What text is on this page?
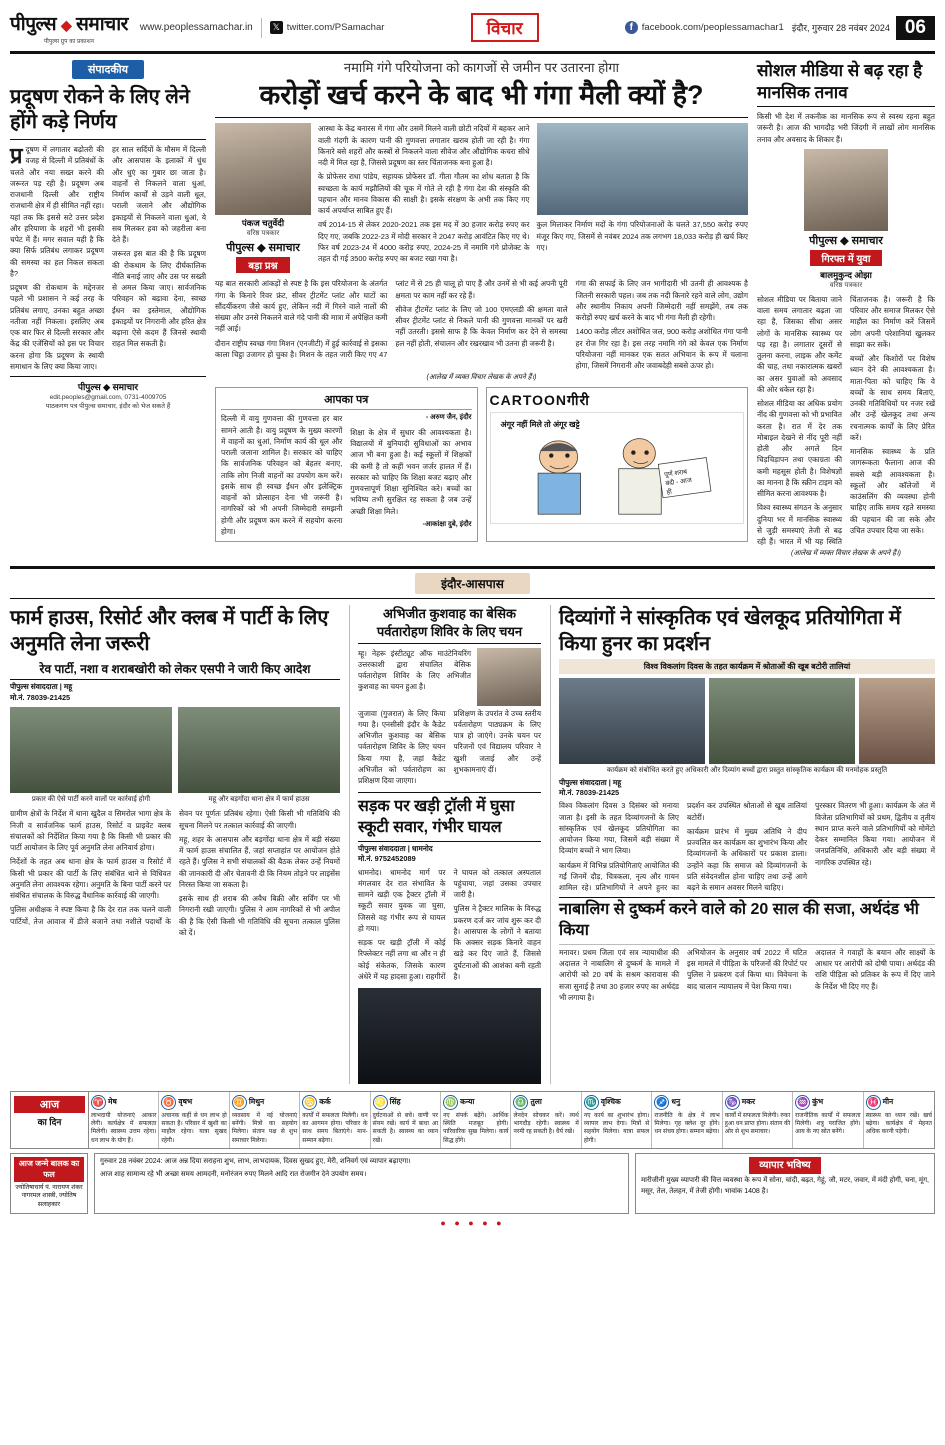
पीपुल्स ◆ समाचार
पीपुल्स ग्रुप का प्रकाशन
www.peoplessamachar.in	𝕏 twitter.com/PSamachar	विचार	f facebook.com/peoplessamachar1 इंदौर, गुरुवार 28 नवंबर 2024 06
संपादकीय
प्रदूषण रोकने के लिए लेने होंगे कड़े निर्णय

प्रदूषण में लगातार बढ़ोतरी की वजह से दिल्ली में प्रतिबंधों के चलते और नया सख्त करने की जरूरत पड़ रही है। प्रदूषण अब राजधानी दिल्ली और राष्ट्रीय राजधानी क्षेत्र में ही सीमित नहीं रहा। यहां तक कि इससे सटे उत्तर प्रदेश और हरियाणा के शहरों भी इसकी चपेट में हैं। मगर सवाल यही है कि क्या सिर्फ प्रतिबंध लगाकर प्रदूषण की समस्या का हल निकल सकता है?

प्रदूषण की रोकथाम के मद्देनजर पहले भी प्रशासन ने कई तरह के प्रतिबंध लगाए, उनका बहुत अच्छा नतीजा नहीं निकला। इसलिए अब एक बार फिर से दिल्ली सरकार और केंद्र की एजेंसियों को इस पर विचार करना होगा कि प्रदूषण के स्थायी समाधान के लिए क्या किया जाए।

हर साल सर्दियों के मौसम में दिल्ली और आसपास के इलाकों में धुंध और धुएं का गुबार छा जाता है। वाहनों से निकलने वाला धुआं, निर्माण कार्यों से उड़ने वाली धूल, पराली जलाने और औद्योगिक इकाइयों से निकलने वाला धुआं, ये सब मिलकर हवा को जहरीला बना देते हैं।

जरूरत इस बात की है कि प्रदूषण की रोकथाम के लिए दीर्घकालिक नीति बनाई जाए और उस पर सख्ती से अमल किया जाए। सार्वजनिक परिवहन को बढ़ावा देना, स्वच्छ ईंधन का इस्तेमाल, औद्योगिक इकाइयों पर निगरानी और हरित क्षेत्र बढ़ाना ऐसे कदम हैं जिनसे स्थायी राहत मिल सकती है।

पीपुल्स ◆ समाचार
edit.peoples@gmail.com, 0731-4009705
पाठकगण पत्र पीपुल्स समाचार, इंदौर को भेज सकते हैं
नमामि गंगे परियोजना को कागजों से जमीन पर उतारना होगा
करोड़ों खर्च करने के बाद भी गंगा मैली क्यों है?
पंकज चतुर्वेदी
वरिष्ठ पत्रकार
पीपुल्स ◆ समाचार
बड़ा प्रश्न

आस्था के केंद्र बनारस में गंगा और उसमें मिलने वाली छोटी नदियों में बहकर आने वाली गंदगी के कारण पानी की गुणवत्ता लगातार खराब होती जा रही है। गंगा किनारे बसे शहरों और कस्बों से निकलने वाला सीवेज और औद्योगिक कचरा सीधे नदी में मिल रहा है, जिससे प्रदूषण का स्तर चिंताजनक बना हुआ है।

के प्रोफेसर राधा पांडेय, सहायक प्रोफेसर डॉ. गीता गौतम का शोध बताता है कि स्वच्छता के कार्य मझौलियों की चूक में गोते ले रही है गंगा देश की संस्कृति की पहचान और मानव विकास की साक्षी है। इसके संरक्षण के अभी तक किए गए कार्य अपर्याप्त साबित हुए हैं।

वर्ष 2014-15 से लेकर 2020-2021 तक इस मद में 30 हजार करोड़ रुपए कर दिए गए, जबकि 2022-23 में मोदी सरकार ने 2047 करोड़ आवंटित किए गए थे। फिर वर्ष 2023-24 में 4000 करोड़ रुपए, 2024-25 में नमामि गंगे प्रोजेक्ट के तहत दी गई 3500 करोड़ रुपए का बजट रखा गया है।

कुल मिलाकर निर्माण मदों के गंगा परियोजनाओं के चलते 37,550 करोड़ रुपए मंजूर किए गए, जिसमें से नवंबर 2024 तक लगभग 18,033 करोड़ ही खर्च किए गए।

यह बात सरकारी आंकड़ों से स्पष्ट है कि इस परियोजना के अंतर्गत गंगा के किनारे रिवर फ्रंट, सीवर ट्रीटमेंट प्लांट और घाटों का सौंदर्यीकरण जैसे कार्य हुए, लेकिन नदी में गिरने वाले नालों की संख्या और उनसे निकलने वाले गंदे पानी की मात्रा में अपेक्षित कमी नहीं आई।

दौरान राष्ट्रीय स्वच्छ गंगा मिशन (एनजीटी) में हुई कार्रवाई से इसका काला चिट्ठा उजागर हो चुका है। मिशन के तहत जारी किए गए 47 प्लांट में से 25 ही चालू हो पाए हैं और उनमें से भी कई अपनी पूरी क्षमता पर काम नहीं कर रहे हैं।

सीवेज ट्रीटमेंट प्लांट के लिए जो 100 एमएलडी की क्षमता वाले सीवर ट्रीटमेंट प्लांट से निकले पानी की गुणवत्ता मानकों पर खरी नहीं उतरती। इससे साफ है कि केवल निर्माण कर देने से समस्या हल नहीं होती, संचालन और रखरखाव भी उतना ही जरूरी है।

गंगा की सफाई के लिए जन भागीदारी भी उतनी ही आवश्यक है जितनी सरकारी पहल। जब तक नदी किनारे रहने वाले लोग, उद्योग और स्थानीय निकाय अपनी जिम्मेदारी नहीं समझेंगे, तब तक करोड़ों रुपए खर्च करने के बाद भी गंगा मैली ही रहेगी।

1400 करोड़ लीटर अशोधित जल, 900 करोड़ अशोधित गंगा पानी हर रोज गिर रहा है। इस तरह नमामि गंगे को केवल एक निर्माण परियोजना नहीं मानकर एक सतत अभियान के रूप में चलाना होगा, जिसमें निगरानी और जवाबदेही सबसे ऊपर हो।

(आलेख में व्यक्त विचार लेखक के अपने हैं।)
आपका पत्र

दिल्ली में वायु गुणवत्ता की गुणवत्ता हर बार सामने आती है। वायु प्रदूषण के मुख्य कारणों में वाहनों का धुआं, निर्माण कार्य की धूल और पराली जलाना शामिल है। सरकार को चाहिए कि सार्वजनिक परिवहन को बेहतर बनाए, ताकि लोग निजी वाहनों का उपयोग कम करें। इसके साथ ही स्वच्छ ईंधन और इलेक्ट्रिक वाहनों को प्रोत्साहन देना भी जरूरी है। नागरिकों को भी अपनी जिम्मेदारी समझनी होगी और प्रदूषण कम करने में सहयोग करना होगा।

- अरुण जैन, इंदौर

शिक्षा के क्षेत्र में सुधार की आवश्यकता है। विद्यालयों में बुनियादी सुविधाओं का अभाव आज भी बना हुआ है। कई स्कूलों में शिक्षकों की कमी है तो कहीं भवन जर्जर हालत में हैं। सरकार को चाहिए कि शिक्षा बजट बढ़ाए और गुणवत्तापूर्ण शिक्षा सुनिश्चित करे। बच्चों का भविष्य तभी सुरक्षित रह सकता है जब उन्हें अच्छी शिक्षा मिले।

-आकांक्षा दुबे, इंदौर

CARTOONगीरी
अंगूर नहीं मिले तो अंगूर खट्टे
पूर्ण शराब
बंदी - आज
ही
सोशल मीडिया से बढ़ रहा है मानसिक तनाव

किसी भी देश में तकनीक का मानसिक रूप से स्वस्थ रहना बहुत जरूरी है। आज की भागदौड़ भरी जिंदगी में लाखों लोग मानसिक तनाव और अवसाद के शिकार हैं।

पीपुल्स ◆ समाचार
गिरफ्त में युवा
बालमुकुन्द ओझा
वरिष्ठ पत्रकार

सोशल मीडिया पर बिताया जाने वाला समय लगातार बढ़ता जा रहा है, जिसका सीधा असर लोगों के मानसिक स्वास्थ्य पर पड़ रहा है। लगातार दूसरों से तुलना करना, लाइक और कमेंट की चाह, तथा नकारात्मक खबरों का असर युवाओं को अवसाद की ओर धकेल रहा है।

सोशल मीडिया का अधिक प्रयोग नींद की गुणवत्ता को भी प्रभावित करता है। रात में देर तक मोबाइल देखने से नींद पूरी नहीं होती और अगले दिन चिड़चिड़ापन तथा एकाग्रता की कमी महसूस होती है। विशेषज्ञों का मानना है कि स्क्रीन टाइम को सीमित करना आवश्यक है।

विश्व स्वास्थ्य संगठन के अनुसार दुनिया भर में मानसिक स्वास्थ्य से जुड़ी समस्याएं तेजी से बढ़ रही हैं। भारत में भी यह स्थिति चिंताजनक है। जरूरी है कि परिवार और समाज मिलकर ऐसे माहौल का निर्माण करें जिसमें लोग अपनी परेशानियां खुलकर साझा कर सकें।

बच्चों और किशोरों पर विशेष ध्यान देने की आवश्यकता है। माता-पिता को चाहिए कि वे बच्चों के साथ समय बिताएं, उनकी गतिविधियों पर नजर रखें और उन्हें खेलकूद तथा अन्य रचनात्मक कार्यों के लिए प्रेरित करें।

मानसिक स्वास्थ्य के प्रति जागरूकता फैलाना आज की सबसे बड़ी आवश्यकता है। स्कूलों और कॉलेजों में काउंसलिंग की व्यवस्था होनी चाहिए ताकि समय रहते समस्या की पहचान की जा सके और उचित उपचार दिया जा सके।

(आलेख में व्यक्त विचार लेखक के अपने हैं।)
इंदौर-आसपास
फार्म हाउस, रिसोर्ट और क्लब में पार्टी के लिए अनुमति लेना जरूरी
रेव पार्टी, नशा व शराबखोरी को लेकर एसपी ने जारी किए आदेश
पीपुल्स संवाददाता | महू
मो.नं. 78039-21425
प्रकार की ऐसे पार्टी करने वालों पर कार्रवाई होगी	महू और बड़गोंदा थाना क्षेत्र में फार्म हाउस

ग्रामीण क्षेत्रों के निर्देश में थाना खुदैल व सिमरोल भागा क्षेत्र के निजी व सार्वजनिक फार्म हाउस, रिसोर्ट व प्राइवेट क्लब संचालकों को निर्देशित किया गया है कि किसी भी प्रकार की पार्टी आयोजन के लिए पूर्व अनुमति लेना अनिवार्य होगा।

निर्देशों के तहत अब थाना क्षेत्र के फार्म हाउस व रिसोर्ट में किसी भी प्रकार की पार्टी के लिए संबंधित थाने से विधिवत अनुमति लेना आवश्यक रहेगा। अनुमति के बिना पार्टी करने पर संबंधित संचालक के विरुद्ध वैधानिक कार्रवाई की जाएगी।

पुलिस अधीक्षक ने स्पष्ट किया है कि देर रात तक चलने वाली पार्टियों, तेज आवाज में डीजे बजाने तथा नशीले पदार्थों के सेवन पर पूर्णतः प्रतिबंध रहेगा। ऐसी किसी भी गतिविधि की सूचना मिलने पर तत्काल कार्रवाई की जाएगी।

महू, शहर के आसपास और बड़गोंदा थाना क्षेत्र में बड़ी संख्या में फार्म हाउस संचालित हैं, जहां सप्ताहांत पर आयोजन होते रहते हैं। पुलिस ने सभी संचालकों की बैठक लेकर उन्हें नियमों की जानकारी दी और चेतावनी दी कि नियम तोड़ने पर लाइसेंस निरस्त किया जा सकता है।

इसके साथ ही शराब की अवैध बिक्री और सर्विंग पर भी निगरानी रखी जाएगी। पुलिस ने आम नागरिकों से भी अपील की है कि ऐसी किसी भी गतिविधि की सूचना तत्काल पुलिस को दें।

अभिजीत कुशवाह का बेसिक पर्वतारोहण शिविर के लिए चयन

म्हू। नेहरू इंस्टीट्यूट ऑफ माउंटेनियरिंग उत्तरकाशी द्वारा संचालित बेसिक पर्वतारोहण शिविर के लिए अभिजीत कुशवाह का चयन हुआ है।

जुजावा (गुजरात) के लिए किया गया है। एनसीसी इंदौर के कैडेट अभिजीत कुशवाह का बेसिक पर्वतारोहण शिविर के लिए चयन किया गया है, जहां कैडेट अभिजीत को पर्वतारोहण का प्रशिक्षण दिया जाएगा।

प्रशिक्षण के उपरांत वे उच्च स्तरीय पर्वतारोहण पाठ्यक्रम के लिए पात्र हो जाएंगे। उनके चयन पर परिजनों एवं विद्यालय परिवार ने खुशी जताई और उन्हें शुभकामनाएं दीं।

सड़क पर खड़ी ट्रॉली में घुसा स्कूटी सवार, गंभीर घायल
पीपुल्स संवाददाता | धामनोद
मो.नं. 9752452089

धामनोद। धामनोद मार्ग पर मंगलवार देर रात संभावित के सामने खड़ी एक ट्रैक्टर ट्रॉली में स्कूटी सवार युवक जा घुसा, जिससे वह गंभीर रूप से घायल हो गया।

सड़क पर खड़ी ट्रॉली में कोई रिफ्लेक्टर नहीं लगा था और न ही कोई संकेतक, जिसके कारण अंधेरे में यह हादसा हुआ। राहगीरों ने घायल को तत्काल अस्पताल पहुंचाया, जहां उसका उपचार जारी है।

पुलिस ने ट्रैक्टर मालिक के विरुद्ध प्रकरण दर्ज कर जांच शुरू कर दी है। आसपास के लोगों ने बताया कि अक्सर सड़क किनारे वाहन खड़े कर दिए जाते हैं, जिससे दुर्घटनाओं की आशंका बनी रहती है।

दिव्यांगों ने सांस्कृतिक एवं खेलकूद प्रतियोगिता में किया हुनर का प्रदर्शन
विश्व विकलांग दिवस के तहत कार्यक्रम में श्रोताओं की खूब बटोरी तालियां
कार्यक्रम को संबोधित करते हुए अधिकारी और दिव्यांग बच्चों द्वारा प्रस्तुत सांस्कृतिक कार्यक्रम की मनमोहक प्रस्तुति
पीपुल्स संवाददाता | महू
मो.नं. 78039-21425

विश्व विकलांग दिवस 3 दिसंबर को मनाया जाता है। इसी के तहत दिव्यांगजनों के लिए सांस्कृतिक एवं खेलकूद प्रतियोगिता का आयोजन किया गया, जिसमें बड़ी संख्या में दिव्यांग बच्चों ने भाग लिया।

कार्यक्रम में विभिन्न प्रतियोगिताएं आयोजित की गईं जिनमें दौड़, चित्रकला, नृत्य और गायन शामिल रहे। प्रतिभागियों ने अपने हुनर का प्रदर्शन कर उपस्थित श्रोताओं से खूब तालियां बटोरीं।

कार्यक्रम प्रारंभ में मुख्य अतिथि ने दीप प्रज्वलित कर कार्यक्रम का शुभारंभ किया और दिव्यांगजनों के अधिकारों पर प्रकाश डाला। उन्होंने कहा कि समाज को दिव्यांगजनों के प्रति संवेदनशील होना चाहिए तथा उन्हें आगे बढ़ने के समान अवसर मिलने चाहिए।

पुरस्कार वितरण भी हुआ। कार्यक्रम के अंत में विजेता प्रतिभागियों को प्रथम, द्वितीय व तृतीय स्थान प्राप्त करने वाले प्रतिभागियों को मोमेंटो देकर सम्मानित किया गया। आयोजन में जनप्रतिनिधि, अधिकारी और बड़ी संख्या में नागरिक उपस्थित रहे।

नाबालिग से दुष्कर्म करने वाले को 20 साल की सजा, अर्थदंड भी किया

मनावर। प्रथम जिला एवं सत्र न्यायाधीश की अदालत ने नाबालिग से दुष्कर्म के मामले में आरोपी को 20 वर्ष के सश्रम कारावास की सजा सुनाई है तथा 30 हजार रुपए का अर्थदंड भी लगाया है।

अभियोजन के अनुसार वर्ष 2022 में घटित इस मामले में पीड़िता के परिजनों की रिपोर्ट पर पुलिस ने प्रकरण दर्ज किया था। विवेचना के बाद चालान न्यायालय में पेश किया गया।

अदालत ने गवाहों के बयान और साक्ष्यों के आधार पर आरोपी को दोषी पाया। अर्थदंड की राशि पीड़िता को प्रतिकर के रूप में दिए जाने के निर्देश भी दिए गए हैं।

आज
का दिन
♈ मेष
लाभदायी योजनाएं आकार लेंगी। कार्यक्षेत्र में सफलता मिलेगी। स्वास्थ्य उत्तम रहेगा। धन लाभ के योग हैं।
♉ वृषभ
अचानक कहीं से धन लाभ हो सकता है। परिवार में खुशी का माहौल रहेगा। यात्रा सुखद रहेगी।
♊ मिथुन
व्यवसाय में नई योजनाएं बनेंगी। मित्रों का सहयोग मिलेगा। संतान पक्ष से शुभ समाचार मिलेगा।
♋ कर्क
कार्यों में सफलता मिलेगी। धन का आगमन होगा। परिवार के साथ समय बिताएंगे। मान-सम्मान बढ़ेगा।
♌ सिंह
दुर्घटनाओं से बचें। वाणी पर संयम रखें। कार्य में बाधा आ सकती है। स्वास्थ्य का ध्यान रखें।
♍ कन्या
नए संपर्क बढ़ेंगे। आर्थिक स्थिति मजबूत होगी। पारिवारिक सुख मिलेगा। कार्य सिद्ध होंगे।
♎ तुला
लेनदेन सोचकर करें। व्यर्थ भागदौड़ रहेगी। स्वास्थ्य में नरमी रह सकती है। धैर्य रखें।
♏ वृश्चिक
नए कार्य का शुभारंभ होगा। व्यापार लाभ देगा। मित्रों से सहयोग मिलेगा। यात्रा सफल होगी।
♐ धनु
राजनीति के क्षेत्र में लाभ मिलेगा। गृह क्लेश दूर होंगे। धन संचय होगा। सम्मान बढ़ेगा।
♑ मकर
कार्यों में सफलता मिलेगी। रुका हुआ धन प्राप्त होगा। संतान की ओर से शुभ समाचार।
♒ कुंभ
राजनीतिक कार्यों में सफलता मिलेगी। शत्रु पराजित होंगे। आय के नए स्रोत बनेंगे।
♓ मीन
स्वास्थ्य का ध्यान रखें। खर्च बढ़ेगा। कार्यक्षेत्र में मेहनत अधिक करनी पड़ेगी।
आज जन्मे बालक का फल
ज्योतिषाचार्य पं. नारायण शंकर नागरमल शास्त्री, ज्योतिष सलाहकार
गुरुवार 28 नवंबर 2024: आज अन्न दिया सराहना शुभ, लाभ, लाभदायक, दिवस सुखद हुए, मेरी, शनिवर्ग एवं व्यापार बढ़ाएगा।
आज शाह सामान्य रहे भी अच्छा समय आमदनी, मनोरंजन रुपए मिलने आदि रात रोजगीन देने उपयोग समय।
व्यापार भविष्य
मारीजीनी मुख्य व्यापारी की वित्त व्यवस्था के रूप में सोना, चांदी, बढ़त, गेहूं, जौ, मटर, जवार, में मंदी होगी, चना, मूंग, मसूर, तेल, तेलहन, में तेजी होगी। भावांक 1408 है।
● ● ● ● ●
